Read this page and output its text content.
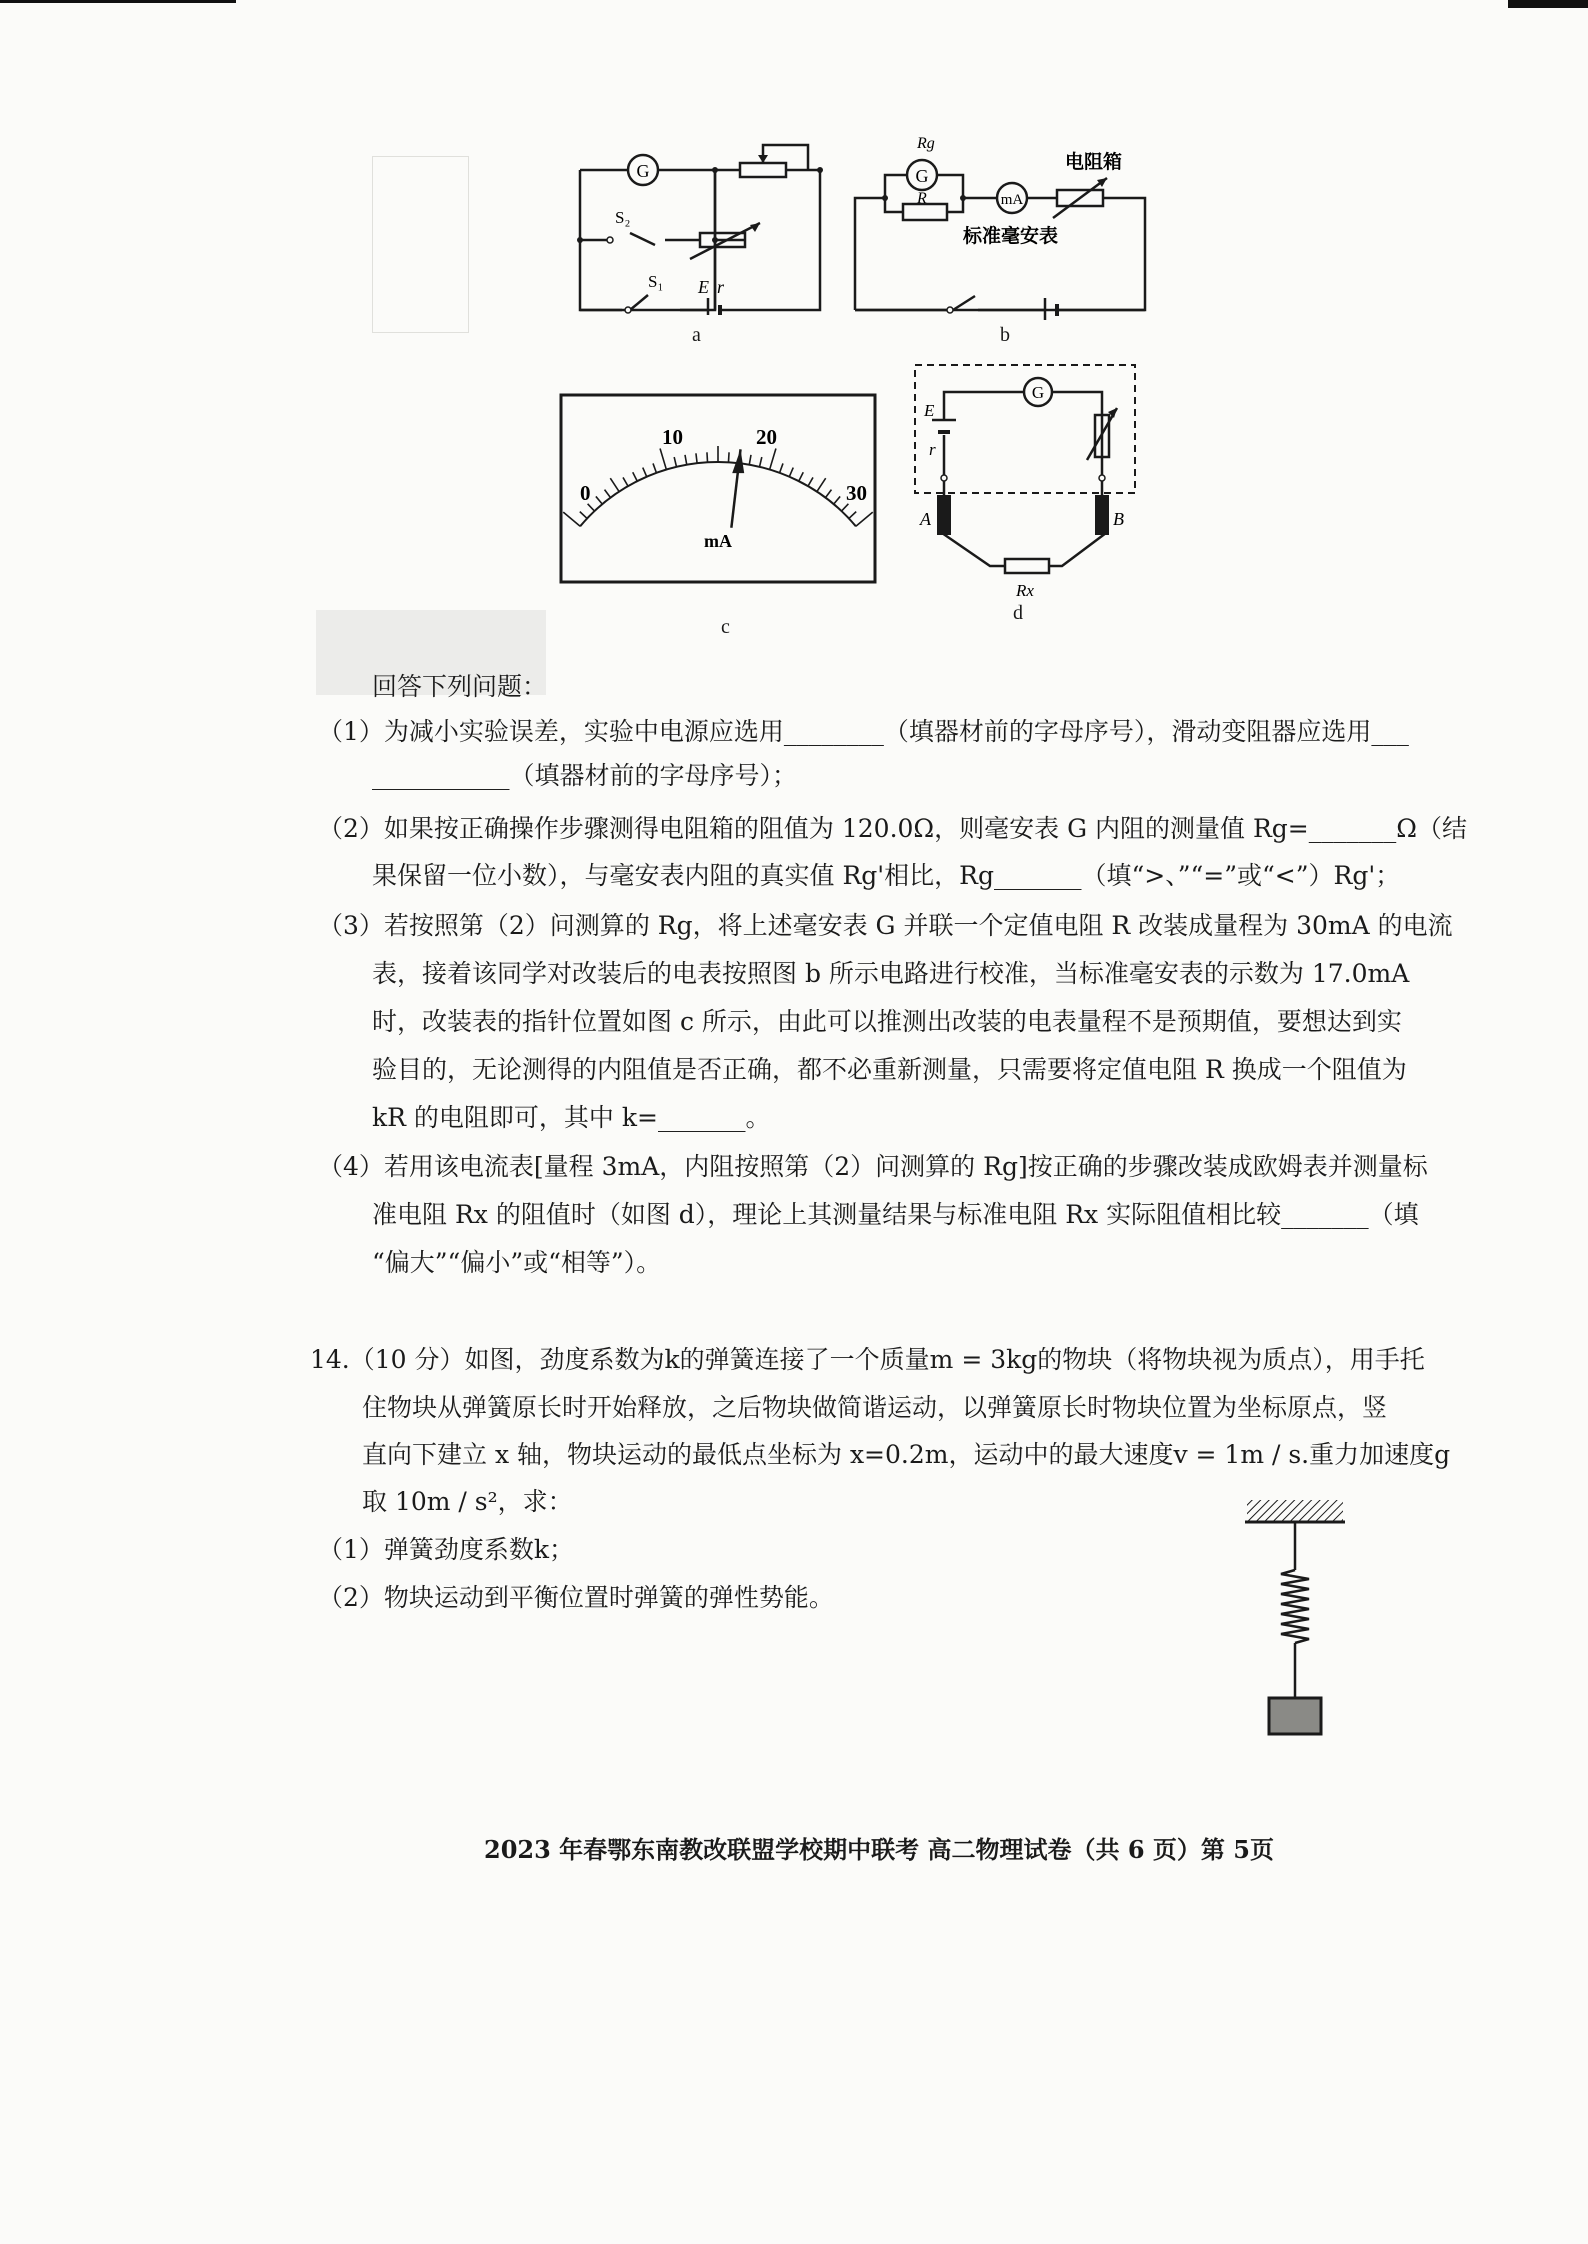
G
S₂
S₁ E r
a
Rg
G
R	mA
电阻箱
标准毫安表
b
0
10	20
30
mA
c
G
E
r
A	B
Rx
d
回答下列问题：
（1）为减小实验误差，实验中电源应选用________（填器材前的字母序号），滑动变阻器应选用___
___________（填器材前的字母序号）；
（2）如果按正确操作步骤测得电阻箱的阻值为 120.0Ω，则毫安表 G 内阻的测量值 Rg=_______Ω（结
果保留一位小数），与毫安表内阻的真实值 Rg'相比，Rg_______（填“>、”“=”或“<”）Rg'；
（3）若按照第（2）问测算的 Rg，将上述毫安表 G 并联一个定值电阻 R 改装成量程为 30mA 的电流
表，接着该同学对改装后的电表按照图 b 所示电路进行校准，当标准毫安表的示数为 17.0mA
时，改装表的指针位置如图 c 所示，由此可以推测出改装的电表量程不是预期值，要想达到实
验目的，无论测得的内阻值是否正确，都不必重新测量，只需要将定值电阻 R 换成一个阻值为
kR 的电阻即可，其中 k=_______。
（4）若用该电流表[量程 3mA，内阻按照第（2）问测算的 Rg]按正确的步骤改装成欧姆表并测量标
准电阻 Rx 的阻值时（如图 d），理论上其测量结果与标准电阻 Rx 实际阻值相比较_______（填
“偏大”“偏小”或“相等”）。
14.（10 分）如图，劲度系数为k的弹簧连接了一个质量m = 3kg的物块（将物块视为质点），用手托
住物块从弹簧原长时开始释放，之后物块做简谐运动，以弹簧原长时物块位置为坐标原点，竖
直向下建立 x 轴，物块运动的最低点坐标为 x=0.2m，运动中的最大速度v = 1m / s.重力加速度g
取 10m / s²，求：
（1）弹簧劲度系数k；
（2）物块运动到平衡位置时弹簧的弹性势能。
2023 年春鄂东南教改联盟学校期中联考 高二物理试卷（共 6 页）第 5页
